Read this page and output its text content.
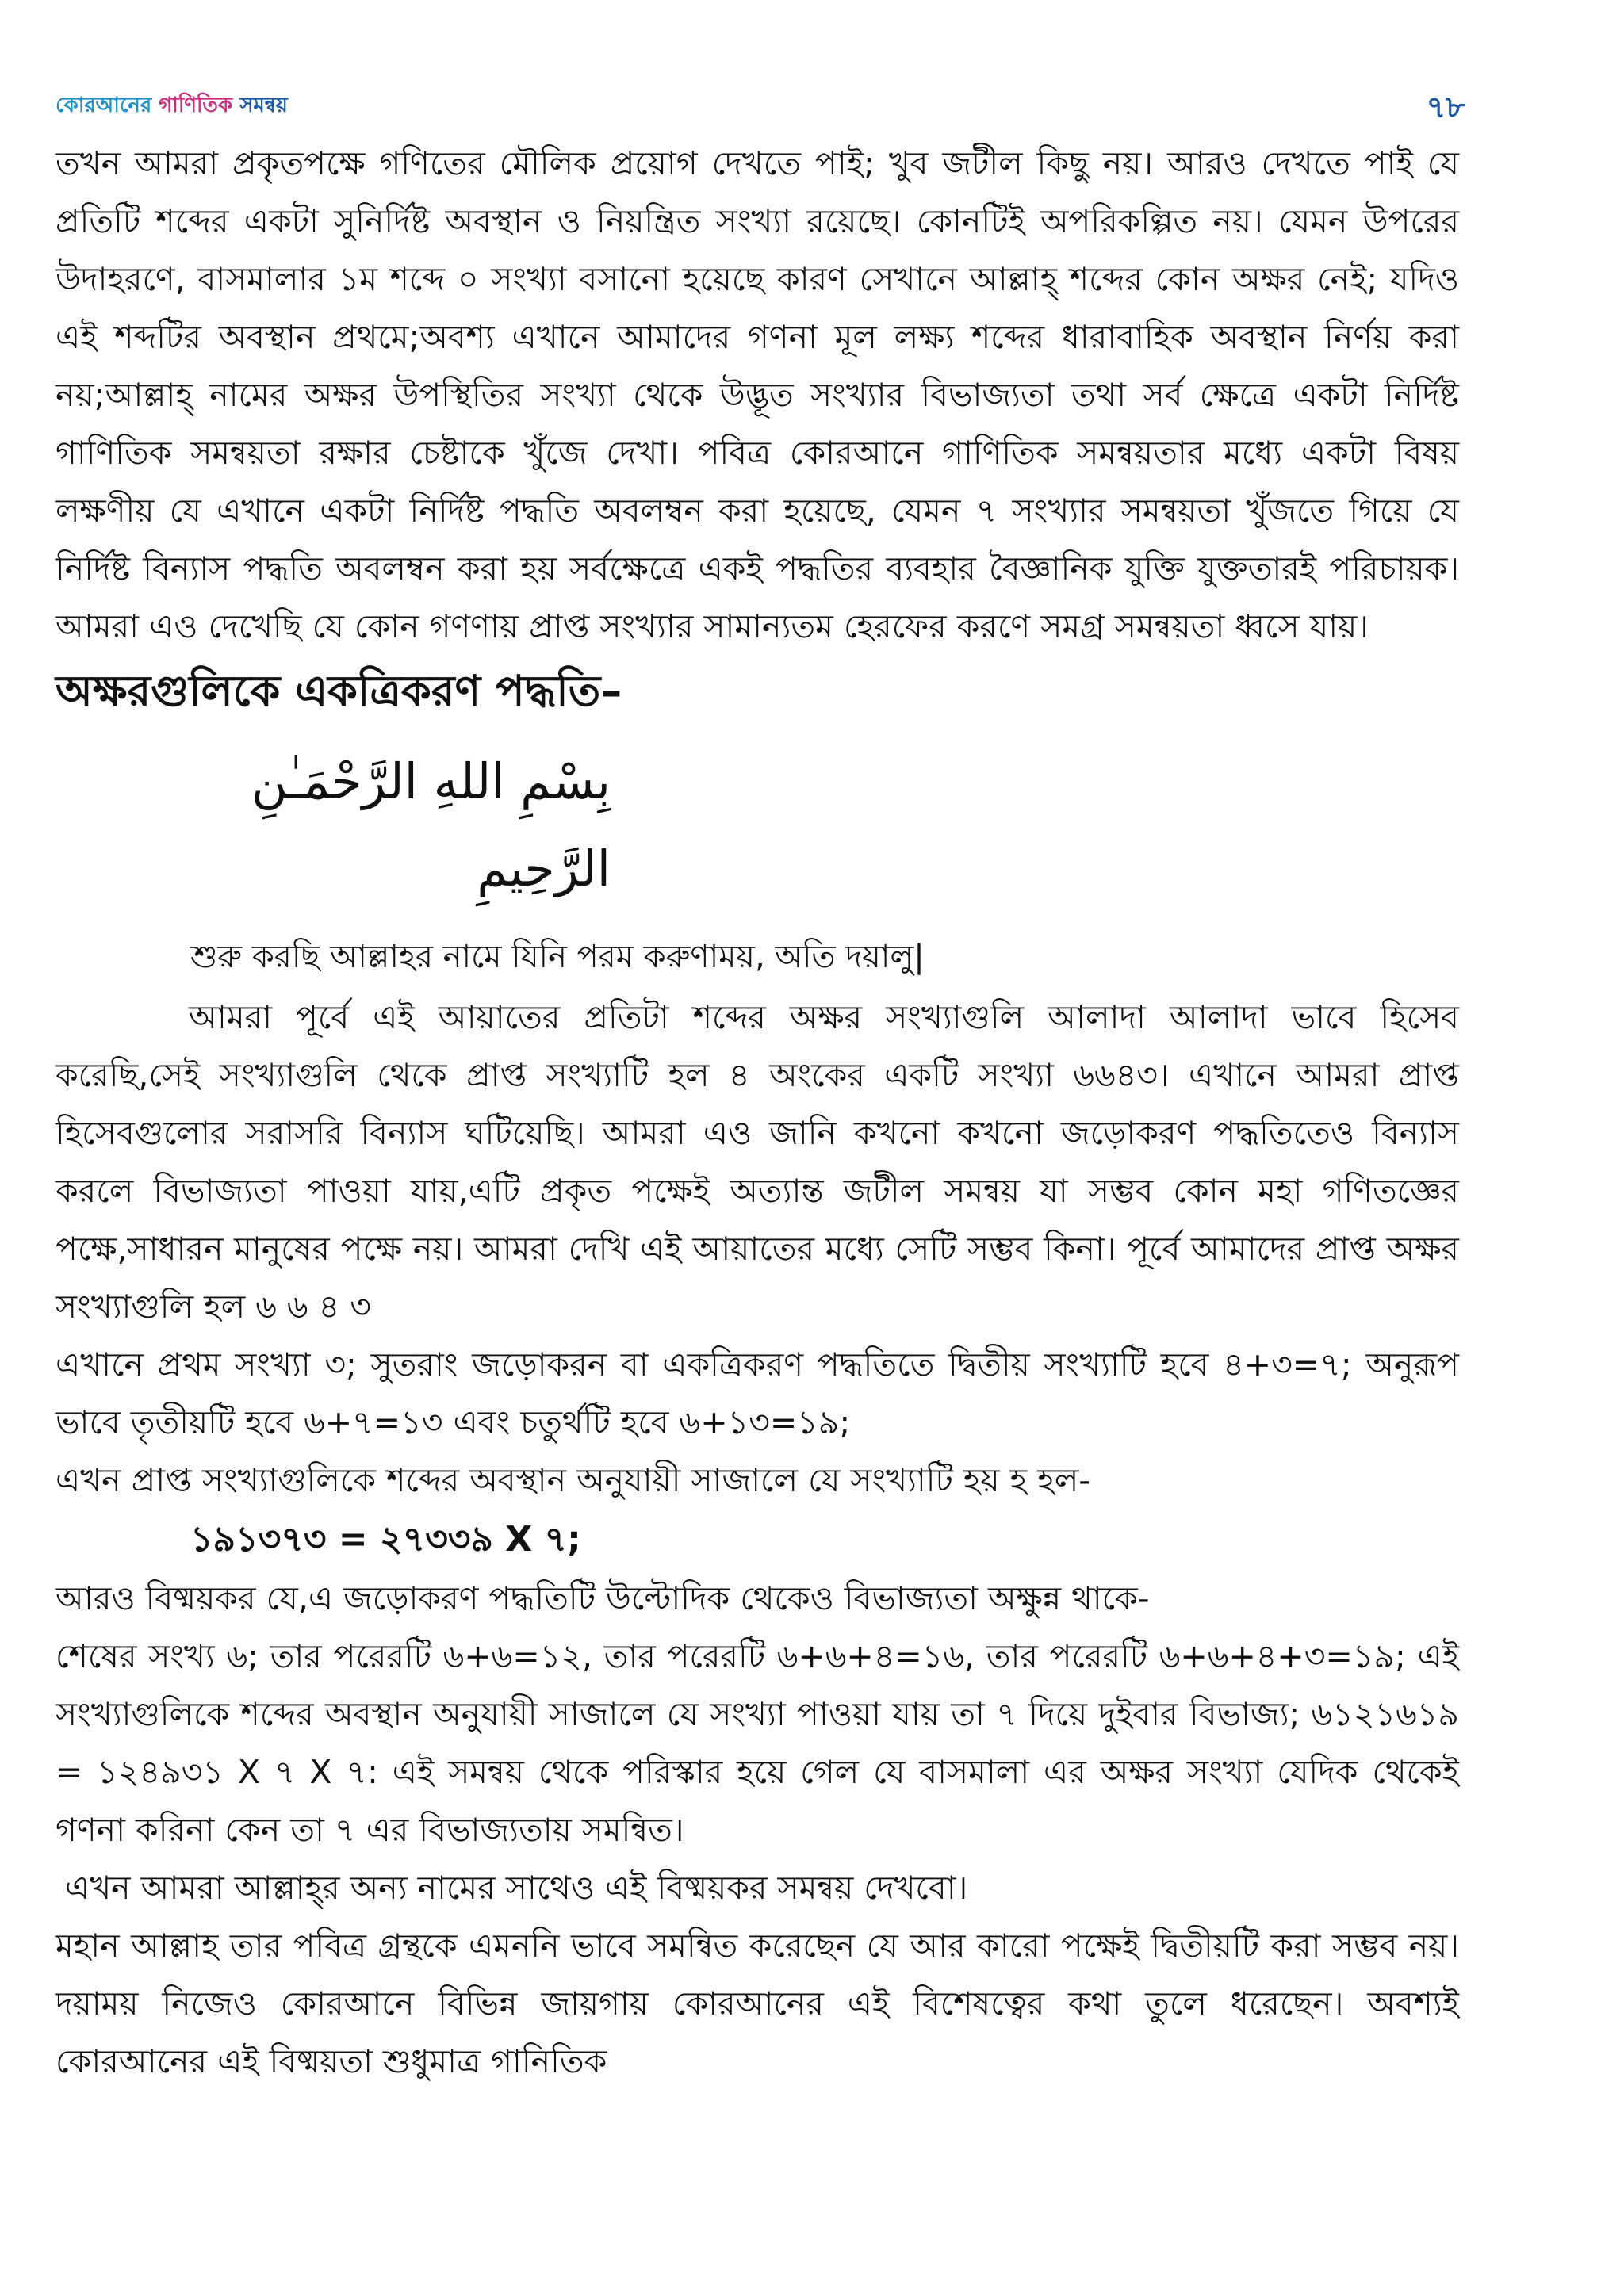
কোরআনের গাণিতিক সমন্বয়	৭৮

তখন আমরা প্রকৃতপক্ষে গণিতের মৌলিক প্রয়োগ দেখতে পাই; খুব জটীল কিছু নয়। আরও দেখতে পাই যে প্রতিটি শব্দের একটা সুনির্দিষ্ট অবস্থান ও নিয়ন্ত্রিত সংখ্যা রয়েছে। কোনটিই অপরিকল্পিত নয়। যেমন উপরের উদাহরণে, বাসমালার ১ম শব্দে ০ সংখ্যা বসানো হয়েছে কারণ সেখানে আল্লাহ্ শব্দের কোন অক্ষর নেই; যদিও এই শব্দটির অবস্থান প্রথমে;অবশ্য এখানে আমাদের গণনা মূল লক্ষ্য শব্দের ধারাবাহিক অবস্থান নির্ণয় করা নয়;আল্লাহ্ নামের অক্ষর উপস্থিতির সংখ্যা থেকে উদ্ভূত সংখ্যার বিভাজ্যতা তথা সর্ব ক্ষেত্রে একটা নির্দিষ্ট গাণিতিক সমন্বয়তা রক্ষার চেষ্টাকে খুঁজে দেখা। পবিত্র কোরআনে গাণিতিক সমন্বয়তার মধ্যে একটা বিষয় লক্ষণীয় যে এখানে একটা নির্দিষ্ট পদ্ধতি অবলম্বন করা হয়েছে, যেমন ৭ সংখ্যার সমন্বয়তা খুঁজতে গিয়ে যে নির্দিষ্ট বিন্যাস পদ্ধতি অবলম্বন করা হয় সর্বক্ষেত্রে একই পদ্ধতির ব্যবহার বৈজ্ঞানিক যুক্তি যুক্ততারই পরিচায়ক। আমরা এও দেখেছি যে কোন গণণায় প্রাপ্ত সংখ্যার সামান্যতম হেরফের করণে সমগ্র সমন্বয়তা ধ্বসে যায়।

অক্ষরগুলিকে একত্রিকরণ পদ্ধতি–
بِسْمِ اللهِ الرَّحْمَـٰنِ الرَّحِيمِ
শুরু করছি আল্লাহর নামে যিনি পরম করুণাময়, অতি দয়ালু|

আমরা পূর্বে এই আয়াতের প্রতিটা শব্দের অক্ষর সংখ্যাগুলি আলাদা আলাদা ভাবে হিসেব করেছি,সেই সংখ্যাগুলি থেকে প্রাপ্ত সংখ্যাটি হল ৪ অংকের একটি সংখ্যা ৬৬৪৩। এখানে আমরা প্রাপ্ত হিসেবগুলোর সরাসরি বিন্যাস ঘটিয়েছি। আমরা এও জানি কখনো কখনো জড়োকরণ পদ্ধতিতেও বিন্যাস করলে বিভাজ্যতা পাওয়া যায়,এটি প্রকৃত পক্ষেই অত্যান্ত জটীল সমন্বয় যা সম্ভব কোন মহা গণিতজ্ঞের পক্ষে,সাধারন মানুষের পক্ষে নয়। আমরা দেখি এই আয়াতের মধ্যে সেটি সম্ভব কিনা। পূর্বে আমাদের প্রাপ্ত অক্ষর সংখ্যাগুলি হল ৬ ৬ ৪ ৩

এখানে প্রথম সংখ্যা ৩; সুতরাং জড়োকরন বা একত্রিকরণ পদ্ধতিতে দ্বিতীয় সংখ্যাটি হবে ৪+৩=৭; অনুরূপ ভাবে তৃতীয়টি হবে ৬+৭=১৩ এবং চতুর্থটি হবে ৬+১৩=১৯;

এখন প্রাপ্ত সংখ্যাগুলিকে শব্দের অবস্থান অনুযায়ী সাজালে যে সংখ্যাটি হয় হ হল-

১৯১৩৭৩ = ২৭৩৩৯ X ৭;

আরও বিষ্ময়কর যে,এ জড়োকরণ পদ্ধতিটি উল্টোদিক থেকেও বিভাজ্যতা অক্ষুন্ন থাকে-

শেষের সংখ্য ৬; তার পরেরটি ৬+৬=১২, তার পরেরটি ৬+৬+৪=১৬, তার পরেরটি ৬+৬+৪+৩=১৯; এই সংখ্যাগুলিকে শব্দের অবস্থান অনুযায়ী সাজালে যে সংখ্যা পাওয়া যায় তা ৭ দিয়ে দুইবার বিভাজ্য; ৬১২১৬১৯ = ১২৪৯৩১ X ৭ X ৭: এই সমন্বয় থেকে পরিস্কার হয়ে গেল যে বাসমালা এর অক্ষর সংখ্যা যেদিক থেকেই গণনা করিনা কেন তা ৭ এর বিভাজ্যতায় সমন্বিত।

এখন আমরা আল্লাহ্‌র অন্য নামের সাথেও এই বিষ্ময়কর সমন্বয় দেখবো।

মহান আল্লাহ তার পবিত্র গ্রন্থকে এমননি ভাবে সমন্বিত করেছেন যে আর কারো পক্ষেই দ্বিতীয়টি করা সম্ভব নয়। দয়াময় নিজেও কোরআনে বিভিন্ন জায়গায় কোরআনের এই বিশেষত্বের কথা তুলে ধরেছেন। অবশ্যই কোরআনের এই বিষ্ময়তা শুধুমাত্র গানিতিক
